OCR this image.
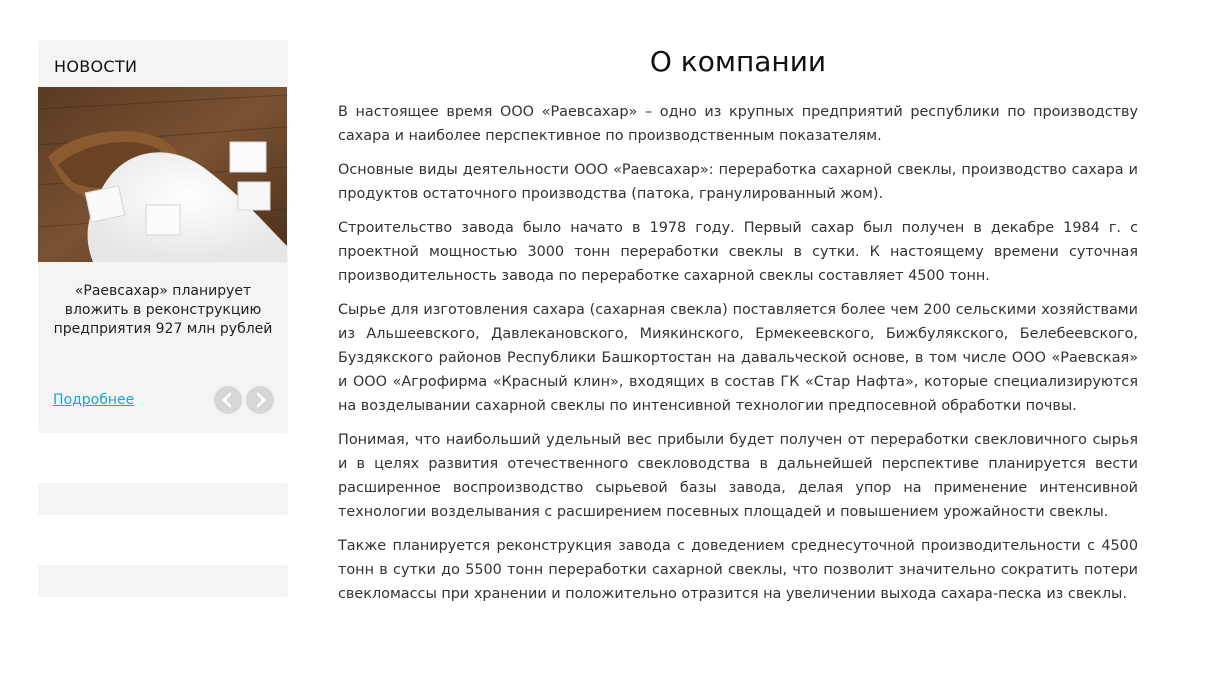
НОВОСТИ
«Раевсахар» планирует вложить в реконструкцию предприятия 927 млн рублей
Подробнее
О компании

В настоящее время ООО «Раевсахар» – одно из крупных предприятий республики по производству сахара и наиболее перспективное по производственным показателям.

Основные виды деятельности ООО «Раевсахар»: переработка сахарной свеклы, производство сахара и продуктов остаточного производства (патока, гранулированный жом).

Строительство завода было начато в 1978 году. Первый сахар был получен в декабре 1984 г. с проектной мощностью 3000 тонн переработки свеклы в сутки. К настоящему времени суточная производительность завода по переработке сахарной свеклы составляет 4500 тонн.

Сырье для изготовления сахара (сахарная свекла) поставляется более чем 200 сельскими хозяйствами из Альшеевского, Давлекановского, Миякинского, Ермекеевского, Бижбулякского, Белебеевского, Буздякского районов Республики Башкортостан на давальческой основе, в том числе ООО «Раевская» и ООО «Агрофирма «Красный клин», входящих в состав ГК «Стар Нафта», которые специализируются на возделывании сахарной свеклы по интенсивной технологии предпосевной обработки почвы.

Понимая, что наибольший удельный вес прибыли будет получен от переработки свекловичного сырья и в целях развития отечественного свекловодства в дальнейшей перспективе планируется вести расширенное воспроизводство сырьевой базы завода, делая упор на применение интенсивной технологии возделывания с расширением посевных площадей и повышением урожайности свеклы.

Также планируется реконструкция завода с доведением среднесуточной производительности с 4500 тонн в сутки до 5500 тонн переработки сахарной свеклы, что позволит значительно сократить потери свекломассы при хранении и положительно отразится на увеличении выхода сахара-песка из свеклы.
